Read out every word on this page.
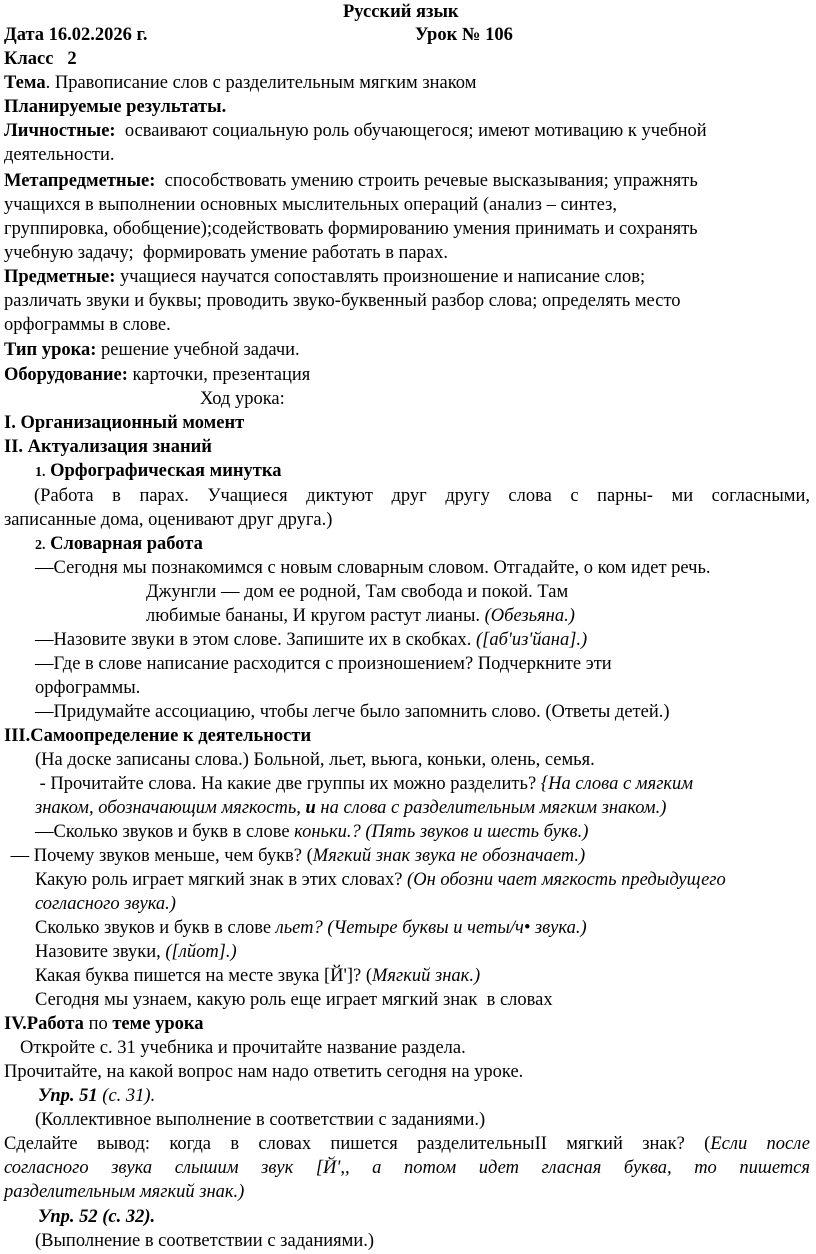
Русский язык
Дата 16.02.2026 г.	Урок № 106
Класс   2
Тема. Правописание слов с разделительным мягким знаком
Планируемые результаты.
Личностные:  осваивают социальную роль обучающегося; имеют мотивацию к учебной
деятельности.
Метапредметные:  способствовать умению строить речевые высказывания; упражнять
учащихся в выполнении основных мыслительных операций (анализ – синтез,
группировка, обобщение);содействовать формированию умения принимать и сохранять
учебную задачу;  формировать умение работать в парах.
Предметные: учащиеся научатся сопоставлять произношение и написание слов;
различать звуки и буквы; проводить звуко-буквенный разбор слова; определять место
орфограммы в слове.
Тип урока: решение учебной задачи.
Оборудование: карточки, презентация
Ход урока:
I. Организационный момент
II. Актуализация знаний
1. Орфографическая минутка
(Работа в парах. Учащиеся диктуют друг другу слова с парны- ми согласными,
записанные дома, оценивают друг друга.)
2. Словарная работа
—Сегодня мы познакомимся с новым словарным словом. Отгадайте, о ком идет речь.
Джунгли — дом ее родной, Там свобода и покой. Там
любимые бананы, И кругом растут лианы. (Обезьяна.)
—Назовите звуки в этом слове. Запишите их в скобках. ([аб'из'йана].)
—Где в слове написание расходится с произношением? Подчеркните эти
орфограммы.
—Придумайте ассоциацию, чтобы легче было запомнить слово. (Ответы детей.)
III.Самоопределение к деятельности
(На доске записаны слова.) Больной, льет, вьюга, коньки, олень, семья.
- Прочитайте слова. На какие две группы их можно разделить? {На слова с мягким
знаком, обозначающим мягкость, и на слова с разделительным мягким знаком.)
—Сколько звуков и букв в слове коньки.? (Пять звуков и шесть букв.)
— Почему звуков меньше, чем букв? (Мягкий знак звука не обозначает.)
Какую роль играет мягкий знак в этих словах? (Он обозни чает мягкость предыдущего
согласного звука.)
Сколько звуков и букв в слове льет? (Четыре буквы и четы/ч• звука.)
Назовите звуки, ([лйот].)
Какая буква пишется на месте звука [Й']? (Мягкий знак.)
Сегодня мы узнаем, какую роль еще играет мягкий знак  в словах
IV.Работа по теме урока
Откройте с. 31 учебника и прочитайте название раздела.
Прочитайте, на какой вопрос нам надо ответить сегодня на уроке.
Упр. 51 (с. 31).
(Коллективное выполнение в соответствии с заданиями.)
Сделайте вывод: когда в словах пишется разделительныII мягкий знак? (Если после
согласного звука слышим звук [Й',, а потом идет гласная буква, то пишется
разделительным мягкий знак.)
Упр. 52 (с. 32).
(Выполнение в соответствии с заданиями.)
